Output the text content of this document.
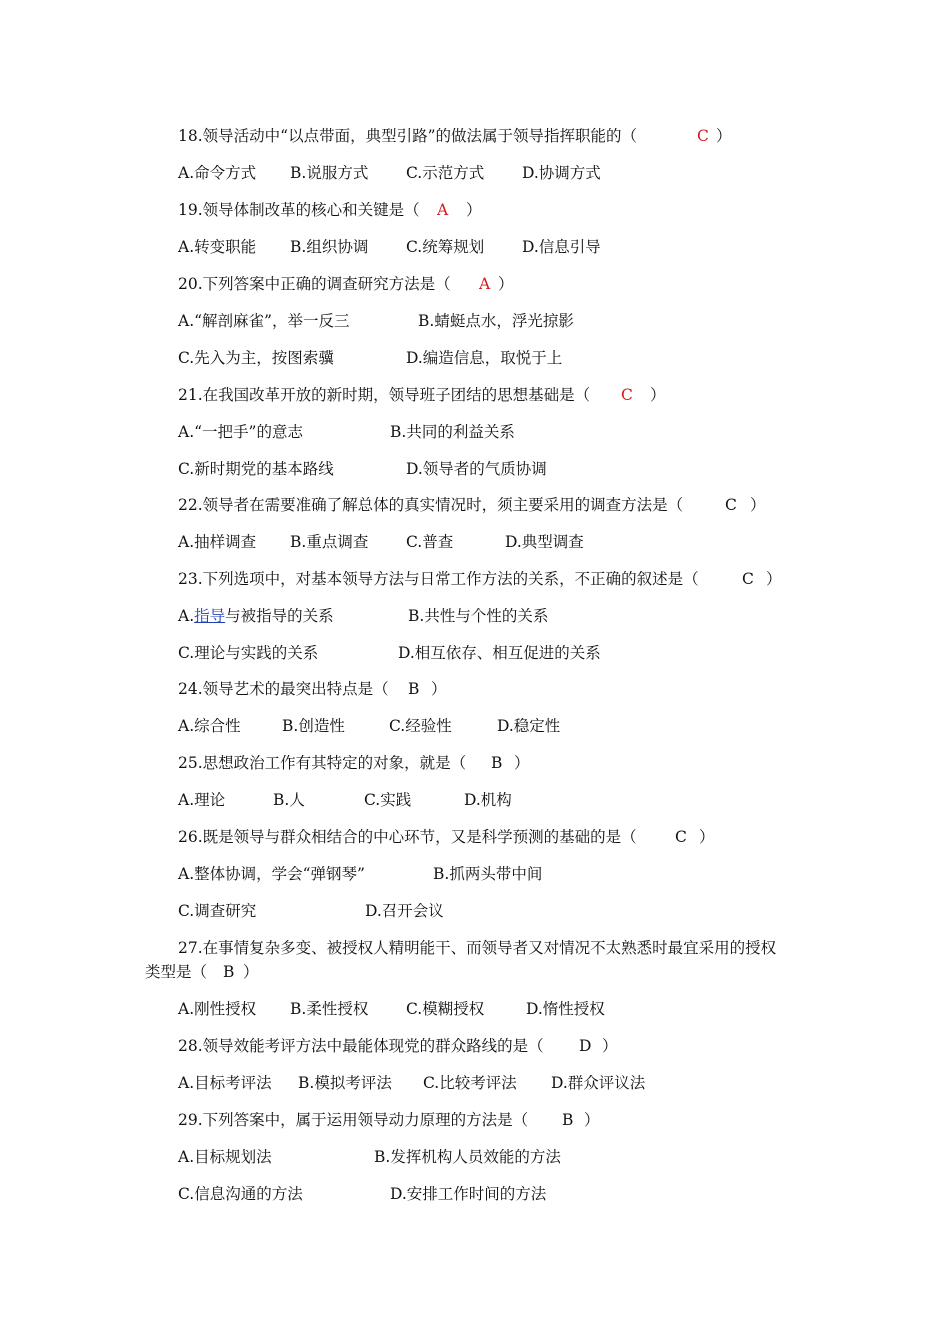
18.领导活动中“以点带面，典型引路”的做法属于领导指挥职能的（	C ）
A.命令方式 B.说服方式 C.示范方式 D.协调方式
19.领导体制改革的核心和关键是（ A ）
A.转变职能 B.组织协调 C.统筹规划 D.信息引导
20.下列答案中正确的调查研究方法是（ A ）
A.“解剖麻雀”，举一反三	B.蜻蜓点水，浮光掠影
C.先入为主，按图索骥	D.编造信息，取悦于上
21.在我国改革开放的新时期，领导班子团结的思想基础是（ C ）
A.“一把手”的意志	B.共同的利益关系
C.新时期党的基本路线	D.领导者的气质协调
22.领导者在需要准确了解总体的真实情况时，须主要采用的调查方法是（	C ）
A.抽样调查 B.重点调查 C.普查	D.典型调查
23.下列选项中，对基本领导方法与日常工作方法的关系，不正确的叙述是（	C ）
A.指导与被指导的关系	B.共性与个性的关系
C.理论与实践的关系	D.相互依存、相互促进的关系
24.领导艺术的最突出特点是（ B ）
A.综合性	B.创造性	C.经验性	D.稳定性
25.思想政治工作有其特定的对象，就是（ B ）
A.理论	B.人	C.实践	D.机构
26.既是领导与群众相结合的中心环节，又是科学预测的基础的是（ C ）
A.整体协调，学会“弹钢琴”	B.抓两头带中间
C.调查研究	D.召开会议
27.在事情复杂多变、被授权人精明能干、而领导者又对情况不太熟悉时最宜采用的授权
类型是（ B ）
A.刚性授权 B.柔性授权 C.模糊授权	D.惰性授权
28.领导效能考评方法中最能体现党的群众路线的是（ D ）
A.目标考评法 B.模拟考评法 C.比较考评法 D.群众评议法
29.下列答案中，属于运用领导动力原理的方法是（ B ）
A.目标规划法	B.发挥机构人员效能的方法
C.信息沟通的方法	D.安排工作时间的方法
